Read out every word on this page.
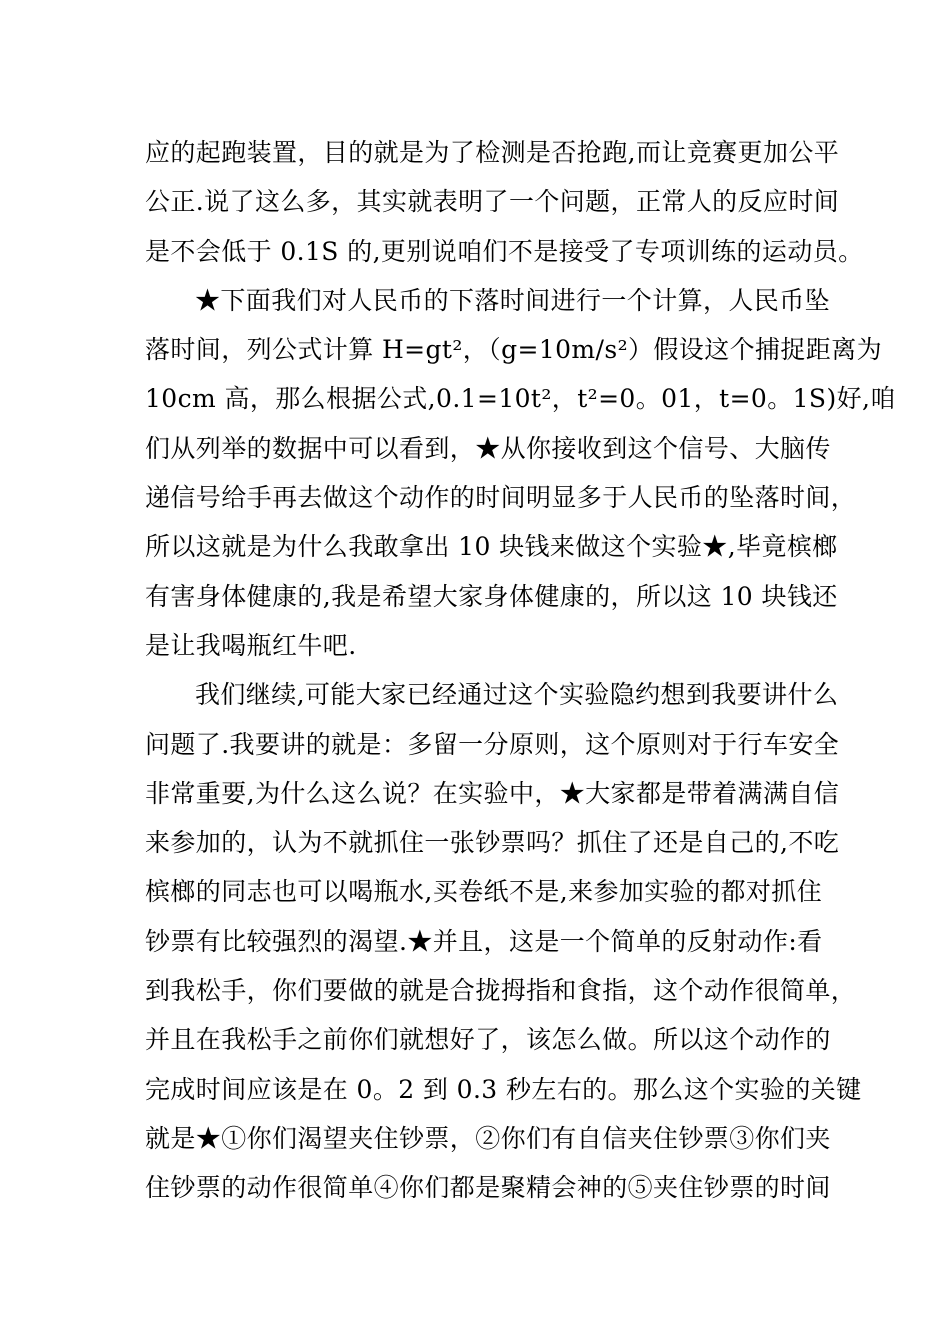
应的起跑装置，目的就是为了检测是否抢跑,而让竞赛更加公平
公正.说了这么多，其实就表明了一个问题，正常人的反应时间
是不会低于 0.1S 的,更别说咱们不是接受了专项训练的运动员。
★下面我们对人民币的下落时间进行一个计算，人民币坠
落时间，列公式计算 H=gt²，（g=10m/s²）假设这个捕捉距离为
10cm 高，那么根据公式,0.1=10t²，t²=0。01，t=0。1S)好,咱
们从列举的数据中可以看到，★从你接收到这个信号、大脑传
递信号给手再去做这个动作的时间明显多于人民币的坠落时间，
所以这就是为什么我敢拿出 10 块钱来做这个实验★,毕竟槟榔
有害身体健康的,我是希望大家身体健康的，所以这 10 块钱还
是让我喝瓶红牛吧.
我们继续,可能大家已经通过这个实验隐约想到我要讲什么
问题了.我要讲的就是：多留一分原则，这个原则对于行车安全
非常重要,为什么这么说？在实验中，★大家都是带着满满自信
来参加的，认为不就抓住一张钞票吗？抓住了还是自己的,不吃
槟榔的同志也可以喝瓶水,买卷纸不是,来参加实验的都对抓住
钞票有比较强烈的渴望.★并且，这是一个简单的反射动作:看
到我松手，你们要做的就是合拢拇指和食指，这个动作很简单，
并且在我松手之前你们就想好了，该怎么做。所以这个动作的
完成时间应该是在 0。2 到 0.3 秒左右的。那么这个实验的关键
就是★①你们渴望夹住钞票，②你们有自信夹住钞票③你们夹
住钞票的动作很简单④你们都是聚精会神的⑤夹住钞票的时间
